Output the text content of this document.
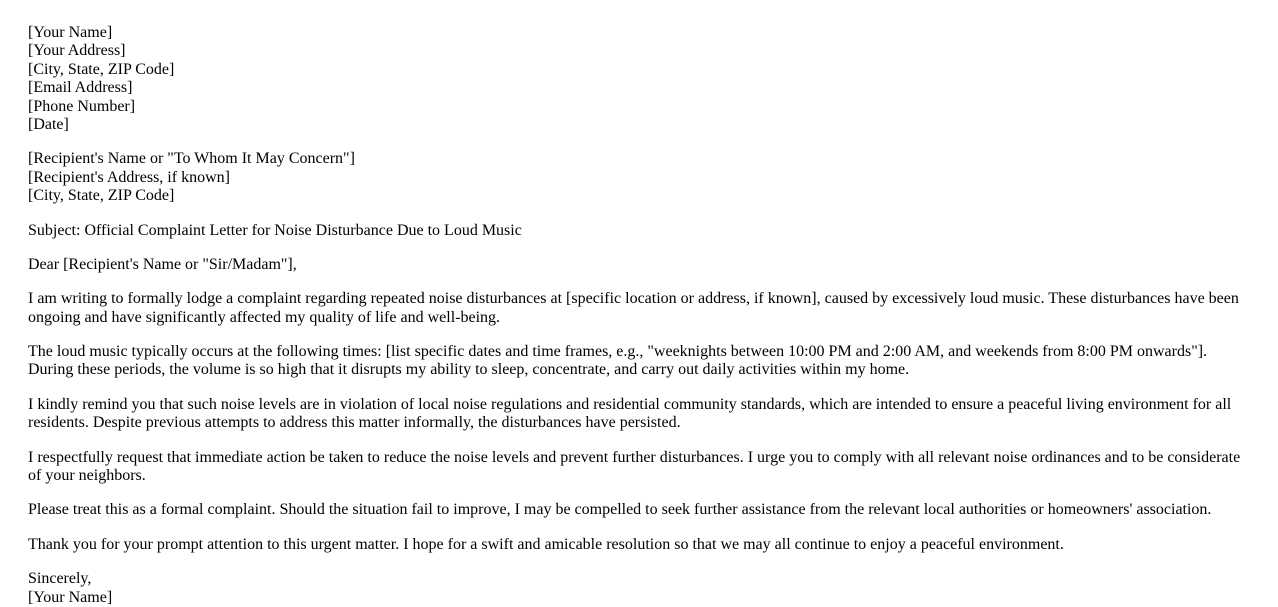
[Your Name]
[Your Address]
[City, State, ZIP Code]
[Email Address]
[Phone Number]
[Date]

[Recipient's Name or "To Whom It May Concern"]
[Recipient's Address, if known]
[City, State, ZIP Code]

Subject: Official Complaint Letter for Noise Disturbance Due to Loud Music

Dear [Recipient's Name or "Sir/Madam"],

I am writing to formally lodge a complaint regarding repeated noise disturbances at [specific location or address, if known], caused by excessively loud music. These disturbances have been ongoing and have significantly affected my quality of life and well-being.

The loud music typically occurs at the following times: [list specific dates and time frames, e.g., "weeknights between 10:00 PM and 2:00 AM, and weekends from 8:00 PM onwards"]. During these periods, the volume is so high that it disrupts my ability to sleep, concentrate, and carry out daily activities within my home.

I kindly remind you that such noise levels are in violation of local noise regulations and residential community standards, which are intended to ensure a peaceful living environment for all residents. Despite previous attempts to address this matter informally, the disturbances have persisted.

I respectfully request that immediate action be taken to reduce the noise levels and prevent further disturbances. I urge you to comply with all relevant noise ordinances and to be considerate of your neighbors.

Please treat this as a formal complaint. Should the situation fail to improve, I may be compelled to seek further assistance from the relevant local authorities or homeowners' association.

Thank you for your prompt attention to this urgent matter. I hope for a swift and amicable resolution so that we may all continue to enjoy a peaceful environment.

Sincerely,
[Your Name]
